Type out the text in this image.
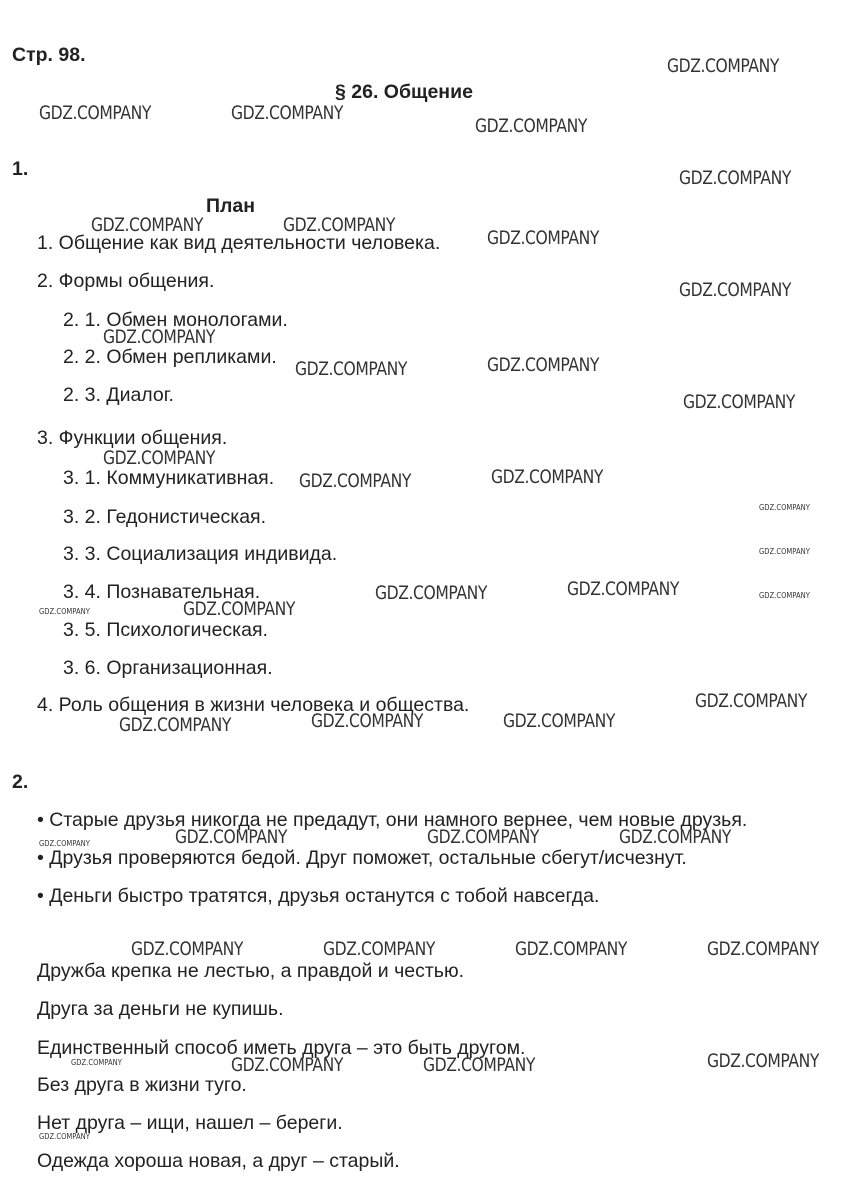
Стр. 98.
§ 26. Общение
1.
План
1. Общение как вид деятельности человека.
2. Формы общения.
2. 1. Обмен монологами.
2. 2. Обмен репликами.
2. 3. Диалог.
3. Функции общения.
3. 1. Коммуникативная.
3. 2. Гедонистическая.
3. 3. Социализация индивида.
3. 4. Познавательная.
3. 5. Психологическая.
3. 6. Организационная.
4. Роль общения в жизни человека и общества.
2.
• Старые друзья никогда не предадут, они намного вернее, чем новые друзья.
• Друзья проверяются бедой. Друг поможет, остальные сбегут/исчезнут.
• Деньги быстро тратятся, друзья останутся с тобой навсегда.
Дружба крепка не лестью, а правдой и честью.
Друга за деньги не купишь.
Единственный способ иметь друга – это быть другом.
Без друга в жизни туго.
Нет друга – ищи, нашел – береги.
Одежда хороша новая, а друг – старый.
GDZ.COMPANY
GDZ.COMPANY	GDZ.COMPANY
GDZ.COMPANY
GDZ.COMPANY
GDZ.COMPANY	GDZ.COMPANY
GDZ.COMPANY
GDZ.COMPANY
GDZ.COMPANY
GDZ.COMPANY	GDZ.COMPANY
GDZ.COMPANY
GDZ.COMPANY
GDZ.COMPANY	GDZ.COMPANY
GDZ.COMPANY
GDZ.COMPANY
GDZ.COMPANY
GDZ.COMPANY	GDZ.COMPANY
GDZ.COMPANY	GDZ.COMPANY
GDZ.COMPANY
GDZ.COMPANY	GDZ.COMPANY	GDZ.COMPANY
GDZ.COMPANY	GDZ.COMPANY	GDZ.COMPANY	GDZ.COMPANY
GDZ.COMPANY	GDZ.COMPANY	GDZ.COMPANY	GDZ.COMPANY
GDZ.COMPANY	GDZ.COMPANY	GDZ.COMPANY	GDZ.COMPANY
GDZ.COMPANY
